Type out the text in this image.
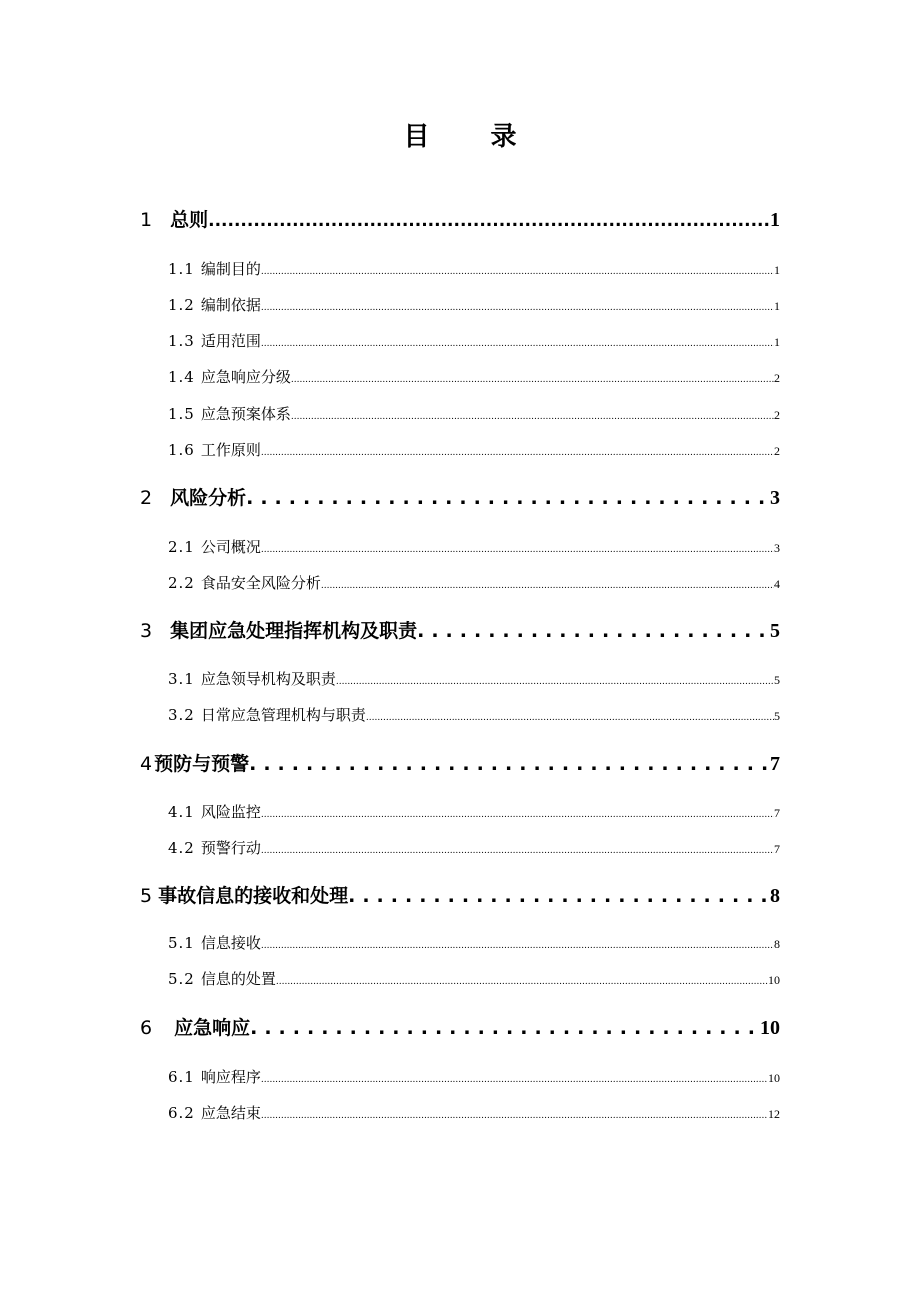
目 录
1 总则 .....	1
1.1 编制目的 .....	1
1.2 编制依据 .....	1
1.3 适用范围 .....	1
1.4 应急响应分级 .....	2
1.5 应急预案体系 .....	2
1.6 工作原则 .....	2
2 风险分析 .....	3
2.1 公司概况 .....	3
2.2 食品安全风险分析 .....	4
3 集团应急处理指挥机构及职责 .....	5
3.1 应急领导机构及职责 .....	5
3.2 日常应急管理机构与职责 .....	5
4 预防与预警 .....	7
4.1 风险监控 .....	7
4.2 预警行动 .....	7
5 事故信息的接收和处理 .....	8
5.1 信息接收 .....	8
5.2 信息的处置 .....	10
6 应急响应 .....	10
6.1 响应程序 .....	10
6.2 应急结束 .....	12
